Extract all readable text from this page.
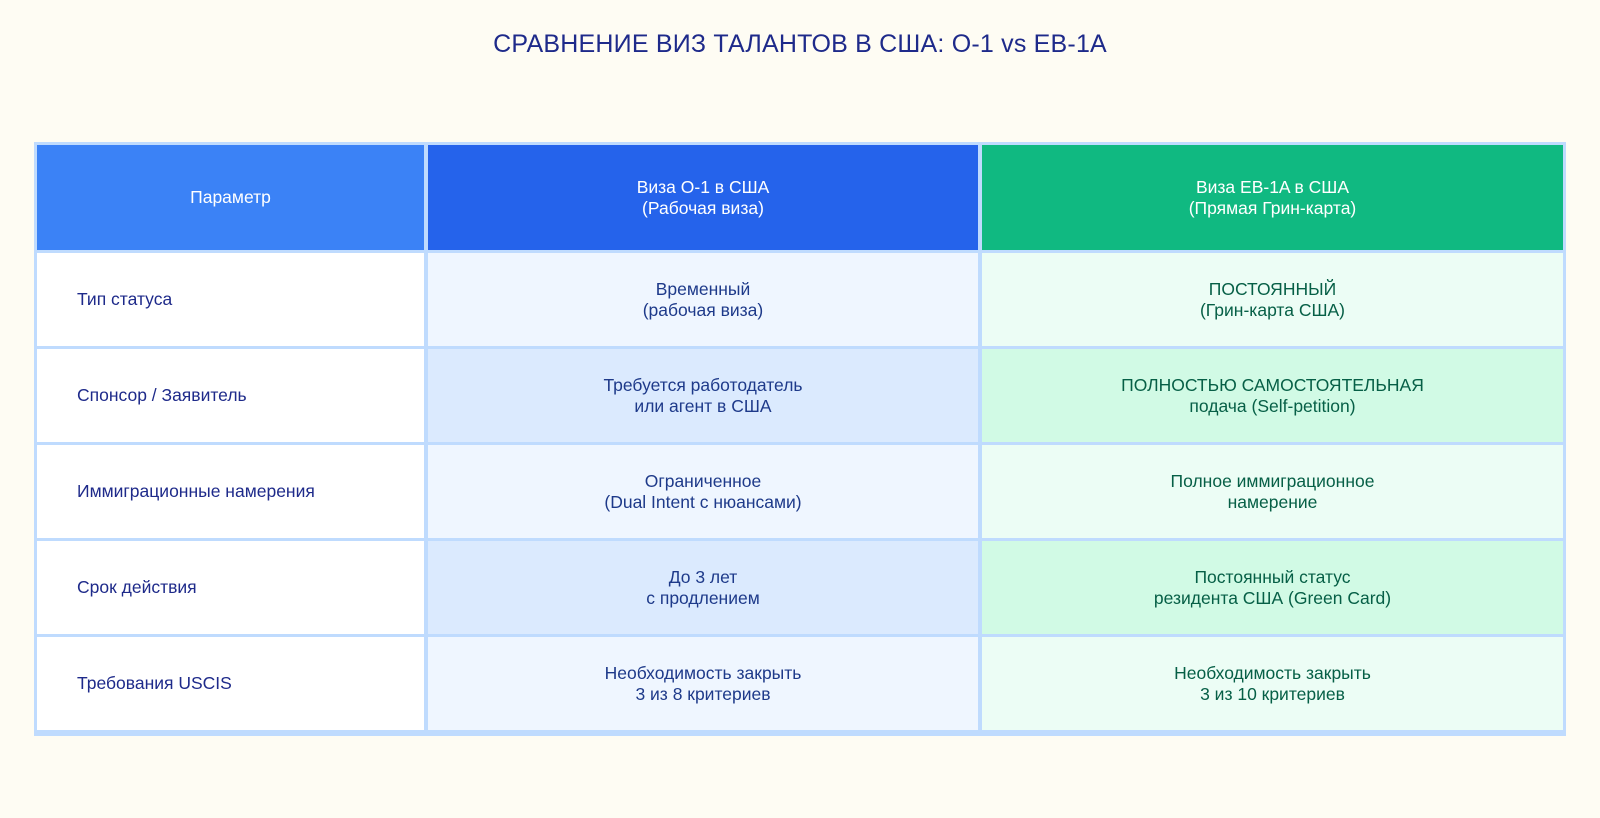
СРАВНЕНИЕ ВИЗ ТАЛАНТОВ В США: O-1 vs EB-1A
Параметр
Виза O-1 в США
(Рабочая виза)
Виза EB-1A в США
(Прямая Грин-карта)
Тип статуса
Временный
(рабочая виза)
ПОСТОЯННЫЙ
(Грин-карта США)
Спонсор / Заявитель
Требуется работодатель
или агент в США
ПОЛНОСТЬЮ САМОСТОЯТЕЛЬНАЯ
подача (Self-petition)
Иммиграционные намерения
Ограниченное
(Dual Intent с нюансами)
Полное иммиграционное
намерение
Срок действия
До 3 лет
с продлением
Постоянный статус
резидента США (Green Card)
Требования USCIS
Необходимость закрыть
3 из 8 критериев
Необходимость закрыть
3 из 10 критериев
